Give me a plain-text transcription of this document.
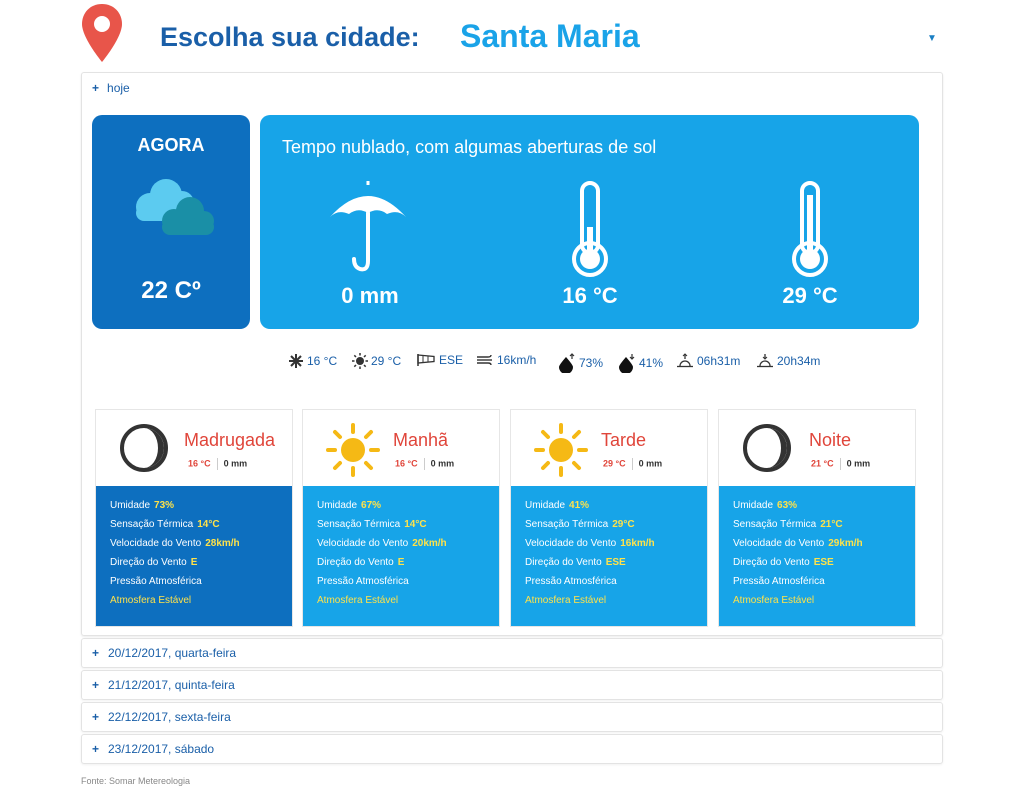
Escolha sua cidade: Santa Maria	▼
+ hoje
AGORA
22 Cº
Tempo nublado, com algumas aberturas de sol
0 mm	16 °C	29 °C
16 °C	29 °C	ESE	16km/h	73%	41%	06h31m	20h34m
Madrugada
16 °C 0 mm
Umidade 73%
Sensação Térmica 14°C
Velocidade do Vento 28km/h
Direção do Vento E
Pressão Atmosférica
Atmosfera Estável
Manhã
16 °C 0 mm
Umidade 67%
Sensação Térmica 14°C
Velocidade do Vento 20km/h
Direção do Vento E
Pressão Atmosférica
Atmosfera Estável
Tarde
29 °C 0 mm
Umidade 41%
Sensação Térmica 29°C
Velocidade do Vento 16km/h
Direção do Vento ESE
Pressão Atmosférica
Atmosfera Estável
Noite
21 °C 0 mm
Umidade 63%
Sensação Térmica 21°C
Velocidade do Vento 29km/h
Direção do Vento ESE
Pressão Atmosférica
Atmosfera Estável
+ 20/12/2017, quarta-feira
+ 21/12/2017, quinta-feira
+ 22/12/2017, sexta-feira
+ 23/12/2017, sábado
Fonte: Somar Metereologia
